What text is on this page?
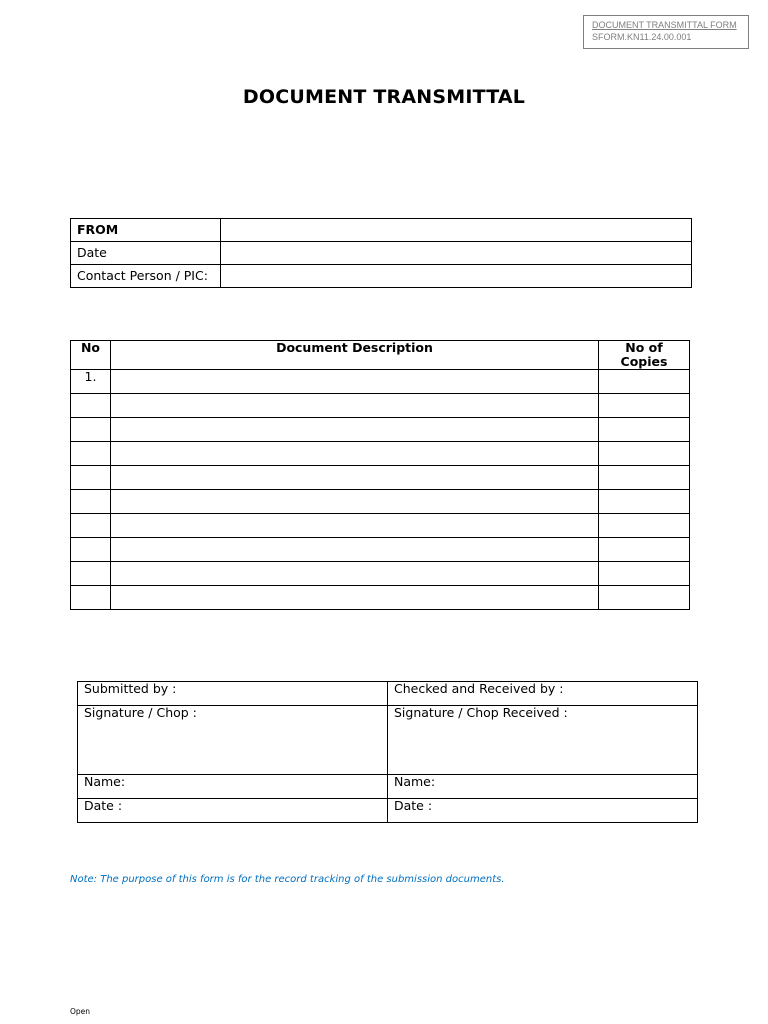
DOCUMENT TRANSMITTAL FORM
SFORM.KN11.24.00.001
DOCUMENT TRANSMITTAL
FROM	
Date	
Contact Person / PIC:	
No	Document Description	No of Copies
1.		

Submitted by :	Checked and Received by :
Signature / Chop :	Signature / Chop Received :
Name:	Name:
Date :	Date :
Note: The purpose of this form is for the record tracking of the submission documents.
Open
